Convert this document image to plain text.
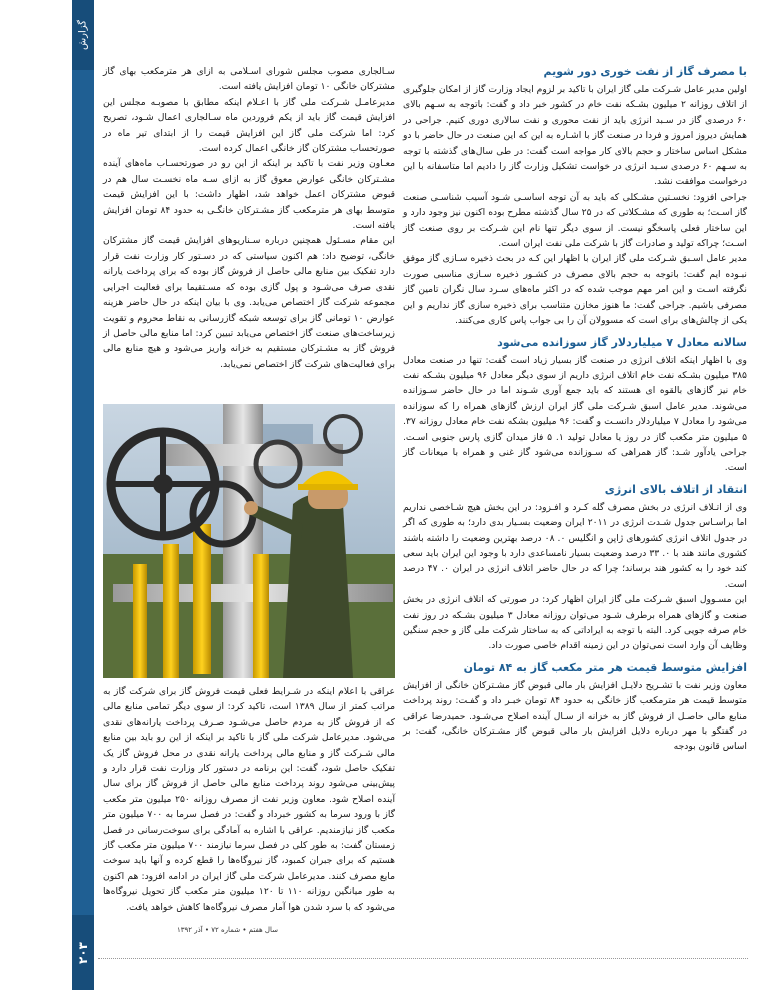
گزارش
۲۰۳
سال هفتم • شماره ۷۲ • آذر ۱۳۹۲
با مصرف گاز از نفت خوری دور شویم

اولین مدیر عامل شـرکت ملی گاز ایران با تاکید بر لزوم ایجاد وزارت گاز از امکان جلوگیری از اتلاف روزانه ۲ میلیون بشـکه نفت خام در کشور خبر داد و گفت: باتوجه به سـهم بالای ۶۰ درصدی گاز در سـبد انرژی باید از نفت محوری و نفت سالاری دوری کنیم. جراحی در همایش دیروز امروز و فردا در صنعت گاز با اشـاره به این که این صنعت در حال حاضر با دو مشکل اساس ساختار و حجم بالای کار مواجه است گفت: در طی سال‌های گذشته با توجه به سـهم ۶۰ درصدی سـبد انرژی در خواست تشکیل وزارت گاز را دادیم اما متاسفانه با این درخواست موافقت نشد.

جراحی افزود: نخسـتین مشـکلی که باید به آن توجه اساسـی شـود آسیب شناسـی صنعت گاز اسـت؛ به طوری که مشـکلاتی که در ۲۵ سال گذشته مطرح بوده اکنون نیز وجود دارد و این ساختار فعلی پاسخگو نیست. از سوی دیگر تنها نام این شـرکت بر روی صنعت گاز اسـت؛ چراکه تولید و صادرات گاز با شرکت ملی نفت ایران است.

مدیر عامل اسـبق شـرکت ملی گاز ایران با اظهار این کـه در بحث ذخیره سـازی گاز موفق نبـوده ایم گفت: باتوجه به حجم بالای مصرف در کشـور ذخیره سـازی مناسبی صورت نگرفته اسـت و این امر مهم موجب شده که در اکثر ماه‌های سـرد سال نگران تامین گاز مصرفی باشیم. جراحی گفت: ما هنوز مخازن متناسب برای ذخیره سازی گاز نداریم و این یکی از چالش‌های برای است که مسوولان آن را بی جواب پاس کاری می‌کنند.

سالانه معادل ۷ میلیاردلار گاز سوزانده می‌شود

وی با اظهار اینکه اتلاف انرژی در صنعت گاز بسیار زیاد است گفت: تنها در صنعت معادل ۳۸۵ میلیون بشـکه نفت خام اتلاف انرژی داریم از سوی دیگر معادل ۹۶ میلیون بشـکه نفت خام نیز گازهای بالقوه ای هستند که باید جمع آوری شـوند اما در حال حاضر سـوزانده می‌شوند. مدیر عامل اسبق شـرکت ملی گاز ایران ارزش گازهای همراه را که سوزانده می‌شود را معادل ۷ میلیاردلار دانسـت و گفت: ۹۶ میلیون بشکه نفت خام معادل روزانه ۳۷. ۵ میلیون متر مکعب گاز در روز یا معادل تولید ۱. ۵ فاز میدان گازی پارس جنوبی اسـت. جراحی یادآور شـد: گاز همراهی که سـوزانده می‌شود گاز غنی و همراه با میعانات گاز است.

انتقاد از اتلاف بالای انرژی

وی از اتـلاف انرژی در بخش مصرف گله کـرد و افـزود: در این بخش هیچ شـاخصی نداریم اما براسـاس جدول شـدت انرژی در ۲۰۱۱ ایران وضعیت بسـیار بدی دارد؛ به طوری که اگر در جدول اتلاف انرژی کشورهای ژاپن و انگلیس ۰. ۰۸ درصد بهترین وضعیت را داشته باشند کشوری مانند هند با ۰. ۳۳ درصد وضعیت بسیار نامساعدی دارد با وجود این ایران باید سعی کند خود را به کشور هند برساند؛ چرا که در حال حاضر اتلاف انرژی در ایران ۰. ۴۷ درصد است.

این مسـوول اسبق شـرکت ملی گاز ایران اظهار کرد: در صورتی که اتلاف انرژی در بخش صنعت و گازهای همراه برطرف شـود می‌توان روزانه معادل ۳ میلیون بشـکه در روز نفت خام صرفه جویی کرد. البته با توجه به ایراداتی که به ساختار شرکت ملی گاز و حجم سنگین وظایف آن وارد است نمی‌توان در این زمینه اقدام خاصی صورت داد.

افزایش متوسط قیمت هر متر مکعب گاز به ۸۴ تومان

معاون وزیر نفت با تشـریح دلایـل افزایش بار مالی قبوض گاز مشـترکان خانگی از افزایش متوسط قیمت هر مترمکعب گاز خانگی به حدود ۸۴ تومان خبـر داد و گفـت: روند پرداخت منابع مالی حاصـل از فروش گاز به خزانه از سـال آینده اصلاح می‌شـود. حمیدرضا عراقی در گفتگو با مهر درباره دلایل افزایش بار مالی قبوض گاز مشـترکان خانگی، گفت: بر اساس قانون بودجه

سـالجاری مصوب مجلس شورای اسـلامی به ازای هر مترمکعب بهای گاز مشترکان خانگی ۱۰ تومان افزایش یافته است.

مدیرعامـل شـرکت ملی گاز با اعـلام اینکه مطابق با مصوبـه مجلس این افزایش قیمت گاز باید از یکم فروردین ماه سـالجاری اعمال شـود، تصریح کرد: اما شرکت ملی گاز این افزایش قیمت را از ابتدای تیر ماه در صورتحساب مشترکان گاز خانگی اعمال کرده است.

معـاون وزیر نفت با تاکید بر اینکه از این رو در صورتحسـاب ماه‌های آینده مشـترکان خانگی عوارض معوق گاز به ازای سـه ماه نخسـت سال هم در قبوض مشترکان اعمل خواهد شد، اظهار داشت: با این افزایش قیمت متوسط بهای هر مترمکعب گاز مشـترکان خانگـی به حدود ۸۴ تومان افزایش یافته است.

این مقام مسـئول همچنین درباره سـناریوهای افزایش قیمت گاز مشترکان خانگی، توضیح داد: هم اکنون سیاستی که در دسـتور کار وزارت نفت قرار دارد تفکیک بین منابع مالی حاصل از فروش گاز بوده که برای پرداخت یارانه نقدی صرف می‌شـود و پول گازی بوده که مسـتقیما برای فعالیت اجرایی مجموعه شرکت گاز اختصاص می‌یابد. وی با بیان اینکه در حال حاضر هزینه عوارض ۱۰ تومانی گاز برای توسعه شبکه گازرسانی به نقاط محروم و تقویت زیرساخت‌های صنعت گاز اختصاص می‌یابد تبیین کرد: اما منابع مالی حاصل از فروش گاز به مشـترکان مستقیم به خزانه واریز می‌شود و هیچ منابع مالی برای فعالیت‌های شرکت گاز اختصاص نمی‌یابد.

عراقی با اعلام اینکه در شـرایط فعلی قیمت فروش گاز برای شرکت گاز به مراتب کمتر از سال ۱۳۸۹ است، تاکید کرد: از سوی دیگر تمامی منابع مالی که از فروش گاز به مردم حاصل می‌شـود صـرف پرداخت یارانه‌های نقدی می‌شود. مدیرعامل شرکت ملی گاز با تاکید بر اینکه از این رو باید بین منابع مالی شـرکت گاز و منابع مالی پرداخت یارانه نقدی در محل فروش گاز یک تفکیک حاصل شود، گفت: این برنامه در دستور کار وزارت نفت قرار دارد و پیش‌بینی می‌شود روند پرداخت منابع مالی حاصل از فروش گاز برای سال آینده اصلاح شود. معاون وزیر نفت از مصرف روزانه ۲۵۰ میلیون متر مکعب گاز با ورود سرما به کشور خبرداد و گفت: در فصل سرما به ۷۰۰ میلیون متر مکعب گاز نیازمندیم. عراقی با اشاره به آمادگی برای سوخت‌رسانی در فصل زمستان گفت: به طور کلی در فصل سرما نیازمند ۷۰۰ میلیون متر مکعب گاز هستیم که برای جبران کمبود، گاز نیروگاه‌ها را قطع کرده و آنها باید سوخت مایع مصرف کنند. مدیرعامل شرکت ملی گاز ایران در ادامه افزود: هم اکنون به طور میانگین روزانه ۱۱۰ تا ۱۲۰ میلیون متر مکعب گاز تحویل نیروگاه‌ها می‌شود که با سرد شدن هوا آمار مصرف نیروگاه‌ها کاهش خواهد یافت.
